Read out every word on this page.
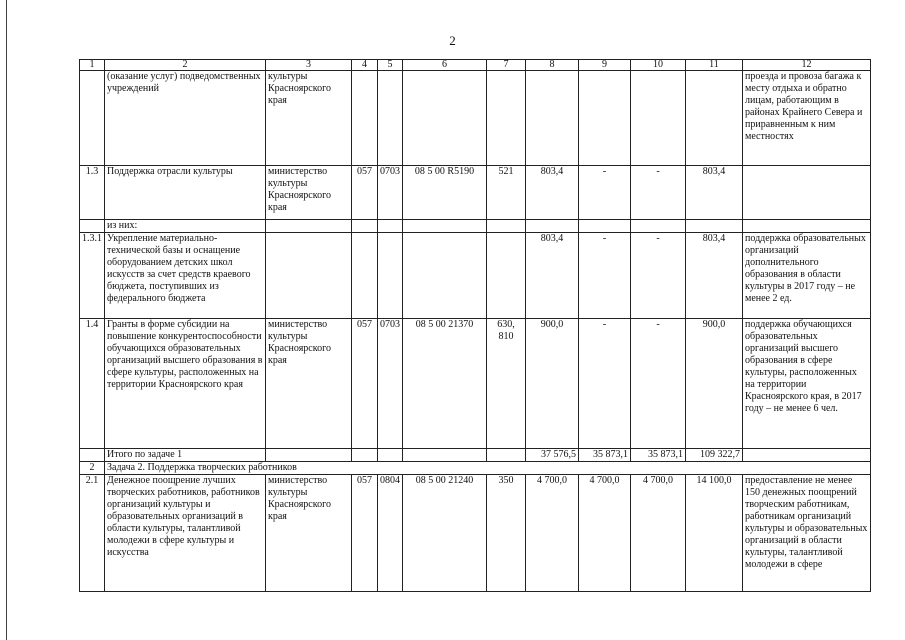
2
1	2	3	4	5	6	7	8	9	10	11	12
	(оказание услуг) подведомственных учреждений	культуры Красноярского края									проезда и провоза багажа к месту отдыха и обратно лицам, работающим в районах Крайнего Севера и приравненным к ним местностях
1.3	Поддержка отрасли культуры	министерство культуры Красноярского края	057	0703	08 5 00 R5190	521	803,4	-	-	803,4	
	из них:										
1.3.1	Укрепление материально-технической базы и оснащение оборудованием детских школ искусств за счет средств краевого бюджета, поступивших из федерального бюджета						803,4	-	-	803,4	поддержка образовательных организаций дополнительного образования в области культуры в 2017 году – не менее 2 ед.
1.4	Гранты в форме субсидии на повышение конкурентоспособности обучающихся образовательных организаций высшего образования в сфере культуры, расположенных на территории Красноярского края	министерство культуры Красноярского края	057	0703	08 5 00 21370	630, 810	900,0	-	-	900,0	поддержка обучающихся образовательных организаций высшего образования в сфере культуры, расположенных на территории Красноярского края, в 2017 году – не менее 6 чел.
	Итого по задаче 1						37 576,5	35 873,1	35 873,1	109 322,7	
2	Задача 2. Поддержка творческих работников										
2.1	Денежное поощрение лучших творческих работников, работников организаций культуры и образовательных организаций в области культуры, талантливой молодежи в сфере культуры и искусства	министерство культуры Красноярского края	057	0804	08 5 00 21240	350	4 700,0	4 700,0	4 700,0	14 100,0	предоставление не менее 150 денежных поощрений творческим работникам, работникам организаций культуры и образовательных организаций в области культуры, талантливой молодежи в сфере
